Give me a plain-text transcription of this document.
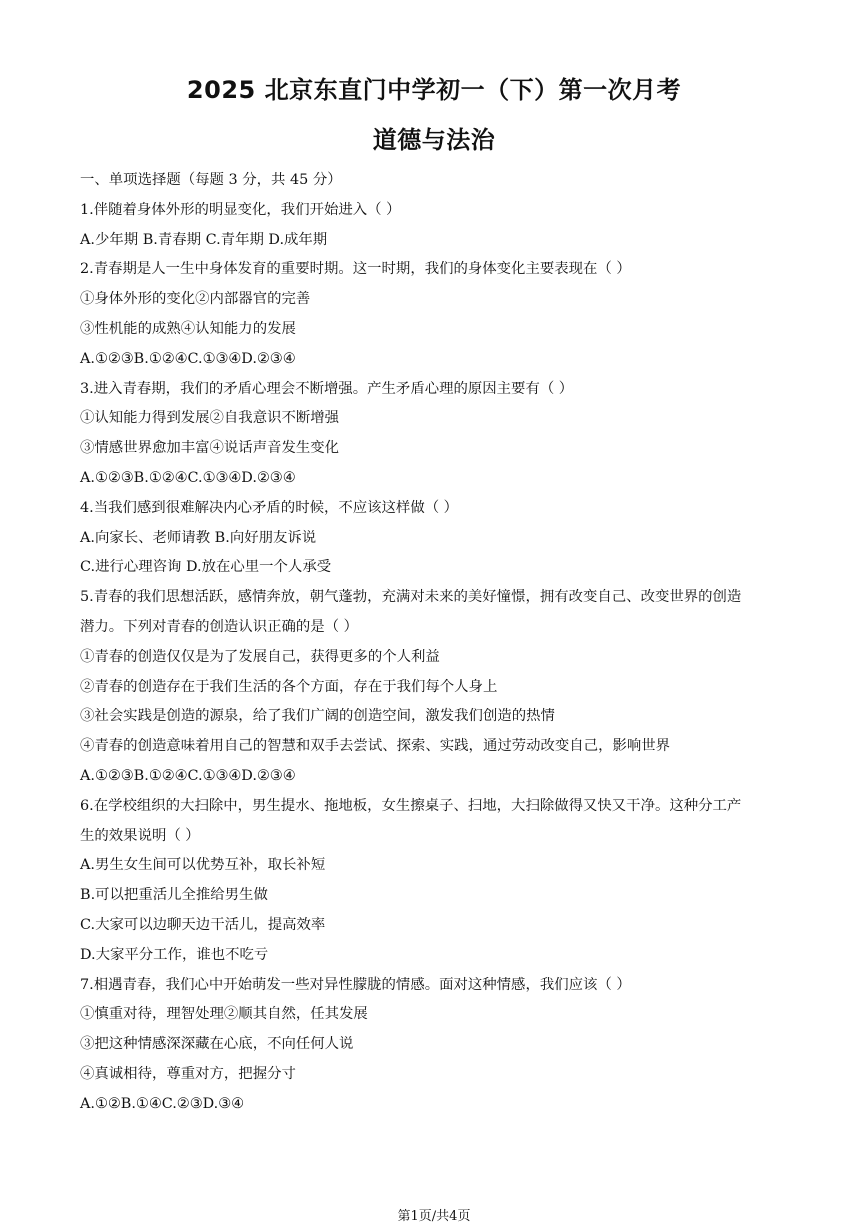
2025 北京东直门中学初一（下）第一次月考
道德与法治
一、单项选择题（每题 3 分，共 45 分）
1.伴随着身体外形的明显变化，我们开始进入（ ）
A.少年期 B.青春期 C.青年期 D.成年期
2.青春期是人一生中身体发育的重要时期。这一时期，我们的身体变化主要表现在（ ）
①身体外形的变化②内部器官的完善
③性机能的成熟④认知能力的发展
A.①②③B.①②④C.①③④D.②③④
3.进入青春期，我们的矛盾心理会不断增强。产生矛盾心理的原因主要有（ ）
①认知能力得到发展②自我意识不断增强
③情感世界愈加丰富④说话声音发生变化
A.①②③B.①②④C.①③④D.②③④
4.当我们感到很难解决内心矛盾的时候，不应该这样做（ ）
A.向家长、老师请教 B.向好朋友诉说
C.进行心理咨询 D.放在心里一个人承受
5.青春的我们思想活跃，感情奔放，朝气蓬勃，充满对未来的美好憧憬，拥有改变自己、改变世界的创造
潜力。下列对青春的创造认识正确的是（ ）
①青春的创造仅仅是为了发展自己，获得更多的个人利益
②青春的创造存在于我们生活的各个方面，存在于我们每个人身上
③社会实践是创造的源泉，给了我们广阔的创造空间，激发我们创造的热情
④青春的创造意味着用自己的智慧和双手去尝试、探索、实践，通过劳动改变自己，影响世界
A.①②③B.①②④C.①③④D.②③④
6.在学校组织的大扫除中，男生提水、拖地板，女生擦桌子、扫地，大扫除做得又快又干净。这种分工产
生的效果说明（ ）
A.男生女生间可以优势互补，取长补短
B.可以把重活儿全推给男生做
C.大家可以边聊天边干活儿，提高效率
D.大家平分工作，谁也不吃亏
7.相遇青春，我们心中开始萌发一些对异性朦胧的情感。面对这种情感，我们应该（ ）
①慎重对待，理智处理②顺其自然，任其发展
③把这种情感深深藏在心底，不向任何人说
④真诚相待，尊重对方，把握分寸
A.①②B.①④C.②③D.③④
第1页/共4页
